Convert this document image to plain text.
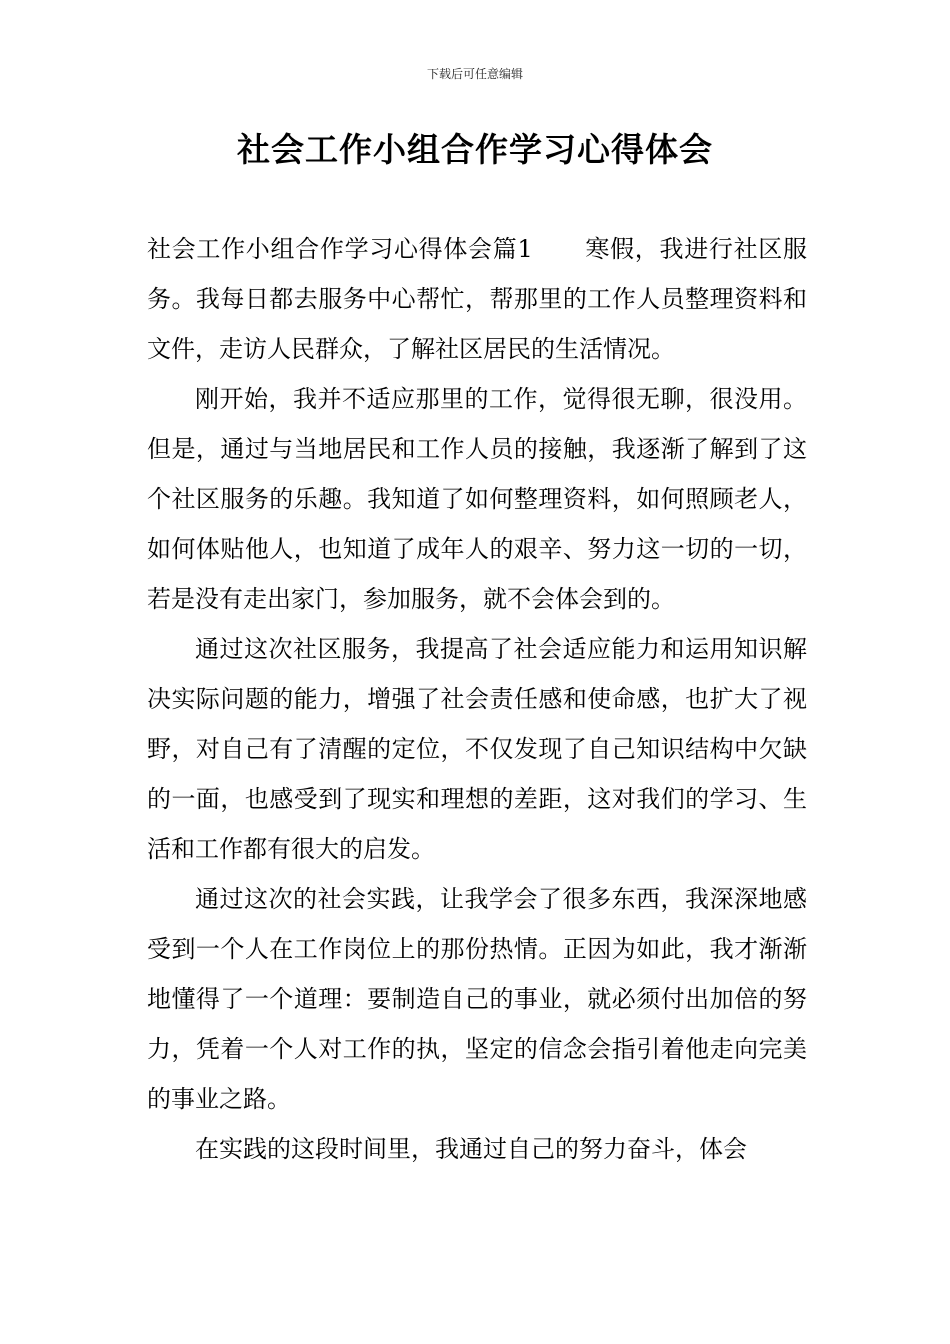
下载后可任意编辑
社会工作小组合作学习心得体会

社会工作小组合作学习心得体会篇1 寒假，我进行社区服务。我每日都去服务中心帮忙，帮那里的工作人员整理资料和文件，走访人民群众，了解社区居民的生活情况。

刚开始，我并不适应那里的工作，觉得很无聊，很没用。但是，通过与当地居民和工作人员的接触，我逐渐了解到了这个社区服务的乐趣。我知道了如何整理资料，如何照顾老人，如何体贴他人，也知道了成年人的艰辛、努力这一切的一切，若是没有走出家门，参加服务，就不会体会到的。

通过这次社区服务，我提高了社会适应能力和运用知识解决实际问题的能力，增强了社会责任感和使命感，也扩大了视野，对自己有了清醒的定位，不仅发现了自己知识结构中欠缺的一面，也感受到了现实和理想的差距，这对我们的学习、生活和工作都有很大的启发。

通过这次的社会实践，让我学会了很多东西，我深深地感受到一个人在工作岗位上的那份热情。正因为如此，我才渐渐地懂得了一个道理：要制造自己的事业，就必须付出加倍的努力，凭着一个人对工作的执，坚定的信念会指引着他走向完美的事业之路。

在实践的这段时间里，我通过自己的努力奋斗，体会
